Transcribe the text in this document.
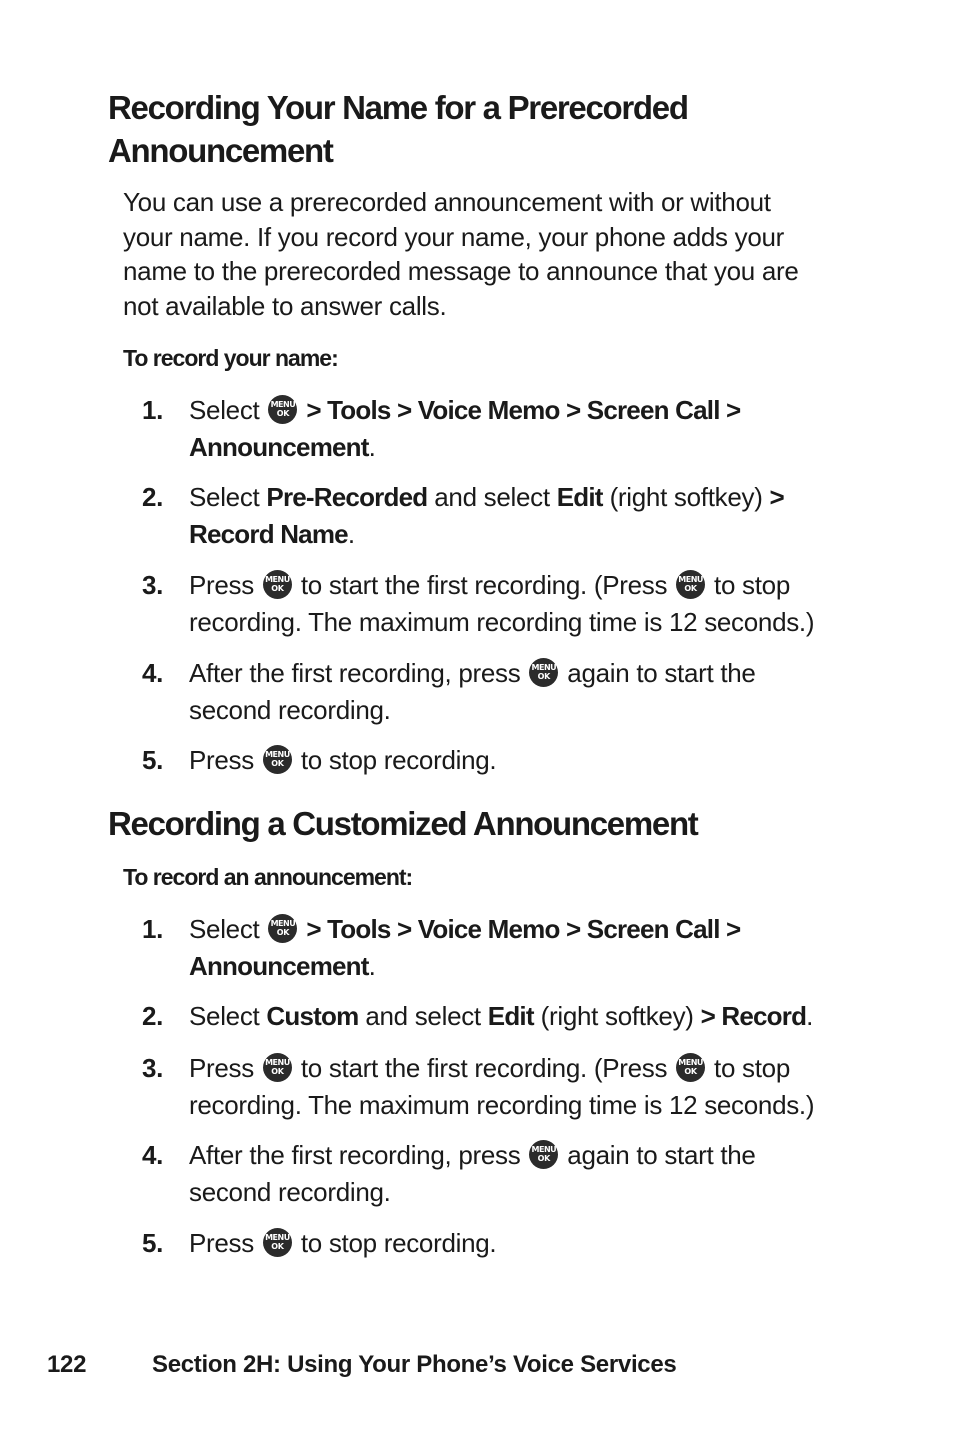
Recording Your Name for a Prerecorded
Announcement

You can use a prerecorded announcement with or without
your name. If you record your name, your phone adds your
name to the prerecorded message to announce that you are
not available to answer calls.

To record your name:

1. Select MENU
OK > Tools > Voice Memo > Screen Call >
Announcement.
2. Select Pre-Recorded and select Edit (right softkey) >
Record Name.
3. Press MENU
OK to start the first recording. (Press MENU
OK to stop
recording. The maximum recording time is 12 seconds.)
4. After the first recording, press MENU
OK again to start the
second recording.
5. Press MENU
OK to stop recording.
Recording a Customized Announcement

To record an announcement:

1. Select MENU
OK > Tools > Voice Memo > Screen Call >
Announcement.
2. Select Custom and select Edit (right softkey) > Record.
3. Press MENU
OK to start the first recording. (Press MENU
OK to stop
recording. The maximum recording time is 12 seconds.)
4. After the first recording, press MENU
OK again to start the
second recording.
5. Press MENU
OK to stop recording.
122	Section 2H: Using Your Phone’s Voice Services
